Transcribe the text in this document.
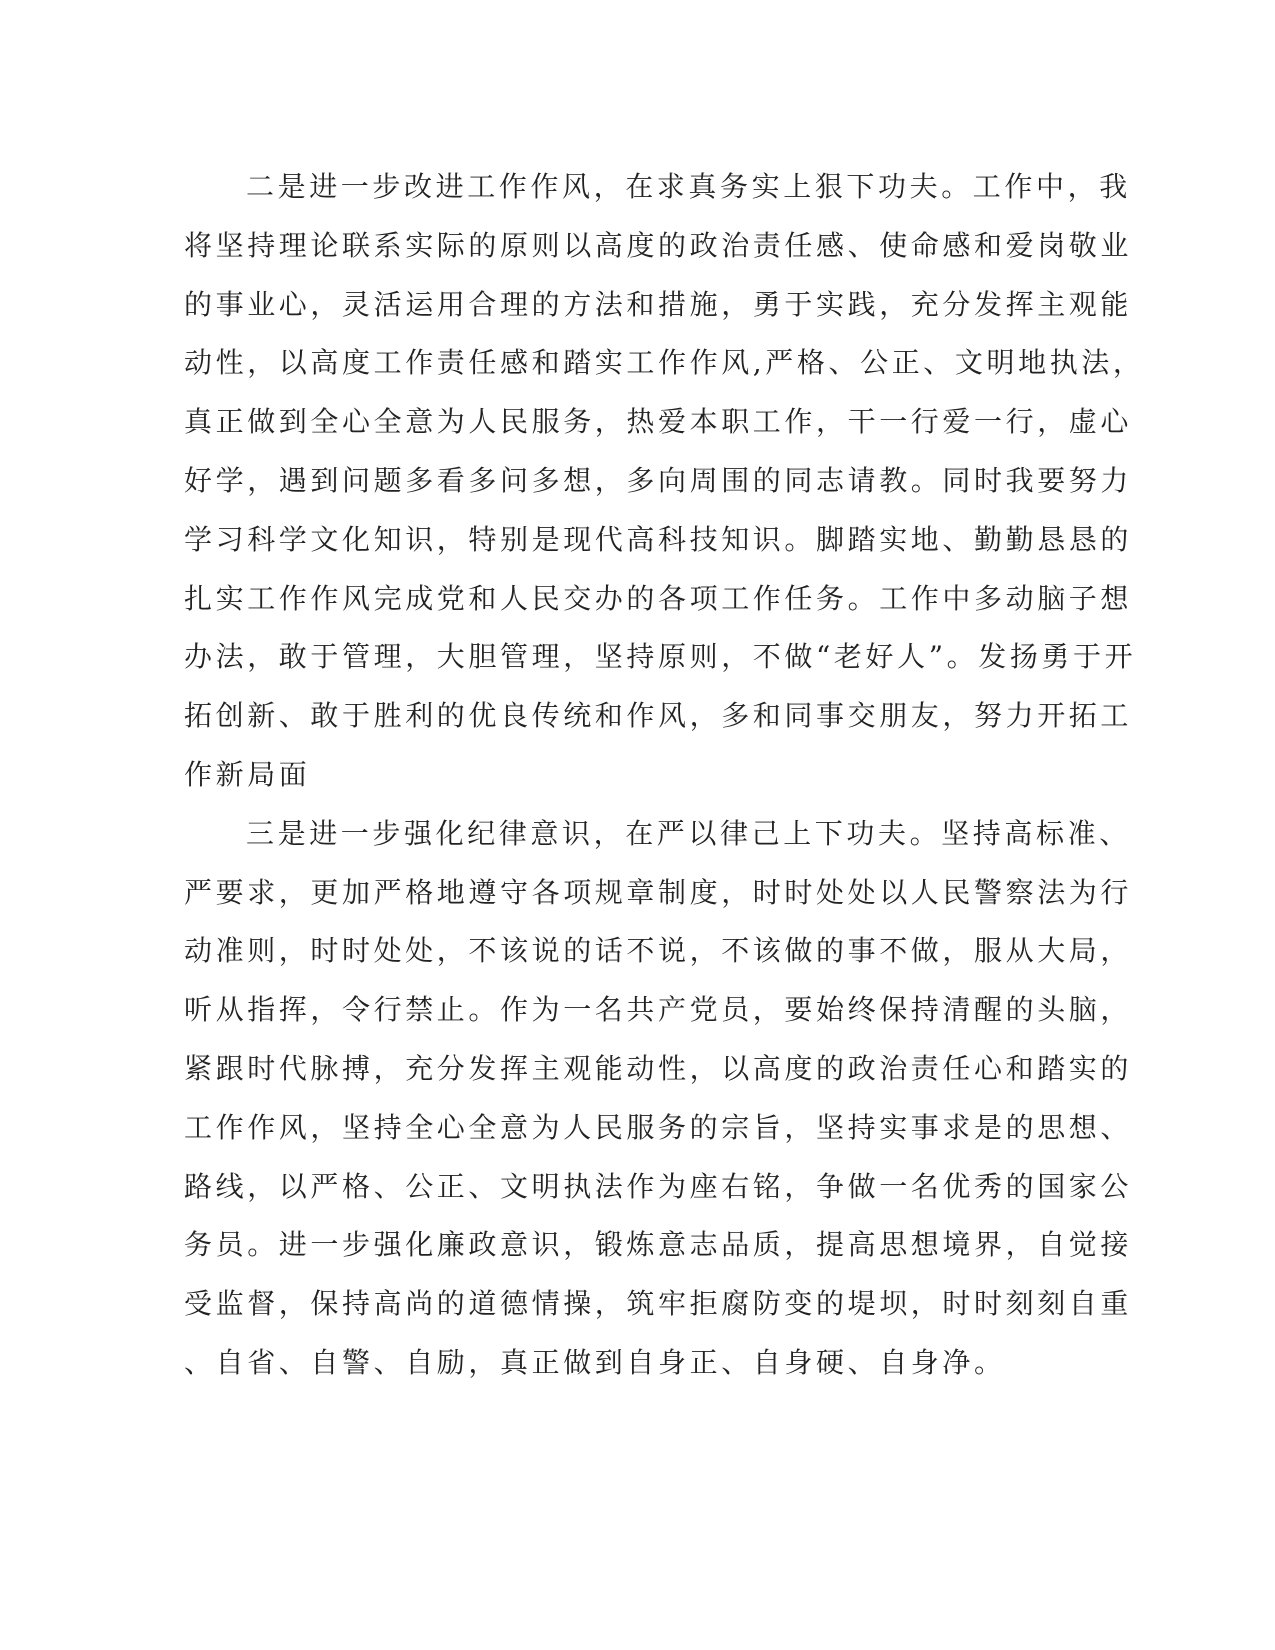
二是进一步改进工作作风，在求真务实上狠下功夫。工作中，我
将坚持理论联系实际的原则以高度的政治责任感、使命感和爱岗敬业
的事业心，灵活运用合理的方法和措施，勇于实践，充分发挥主观能
动性，以高度工作责任感和踏实工作作风,严格、公正、文明地执法，
真正做到全心全意为人民服务，热爱本职工作，干一行爱一行，虚心
好学，遇到问题多看多问多想，多向周围的同志请教。同时我要努力
学习科学文化知识，特别是现代高科技知识。脚踏实地、勤勤恳恳的
扎实工作作风完成党和人民交办的各项工作任务。工作中多动脑子想
办法，敢于管理，大胆管理，坚持原则，不做“老好人”。发扬勇于开
拓创新、敢于胜利的优良传统和作风，多和同事交朋友，努力开拓工
作新局面
三是进一步强化纪律意识，在严以律己上下功夫。坚持高标准、
严要求，更加严格地遵守各项规章制度，时时处处以人民警察法为行
动准则，时时处处，不该说的话不说，不该做的事不做，服从大局，
听从指挥，令行禁止。作为一名共产党员，要始终保持清醒的头脑，
紧跟时代脉搏，充分发挥主观能动性，以高度的政治责任心和踏实的
工作作风，坚持全心全意为人民服务的宗旨，坚持实事求是的思想、
路线，以严格、公正、文明执法作为座右铭，争做一名优秀的国家公
务员。进一步强化廉政意识，锻炼意志品质，提高思想境界，自觉接
受监督，保持高尚的道德情操，筑牢拒腐防变的堤坝，时时刻刻自重
、自省、自警、自励，真正做到自身正、自身硬、自身净。
